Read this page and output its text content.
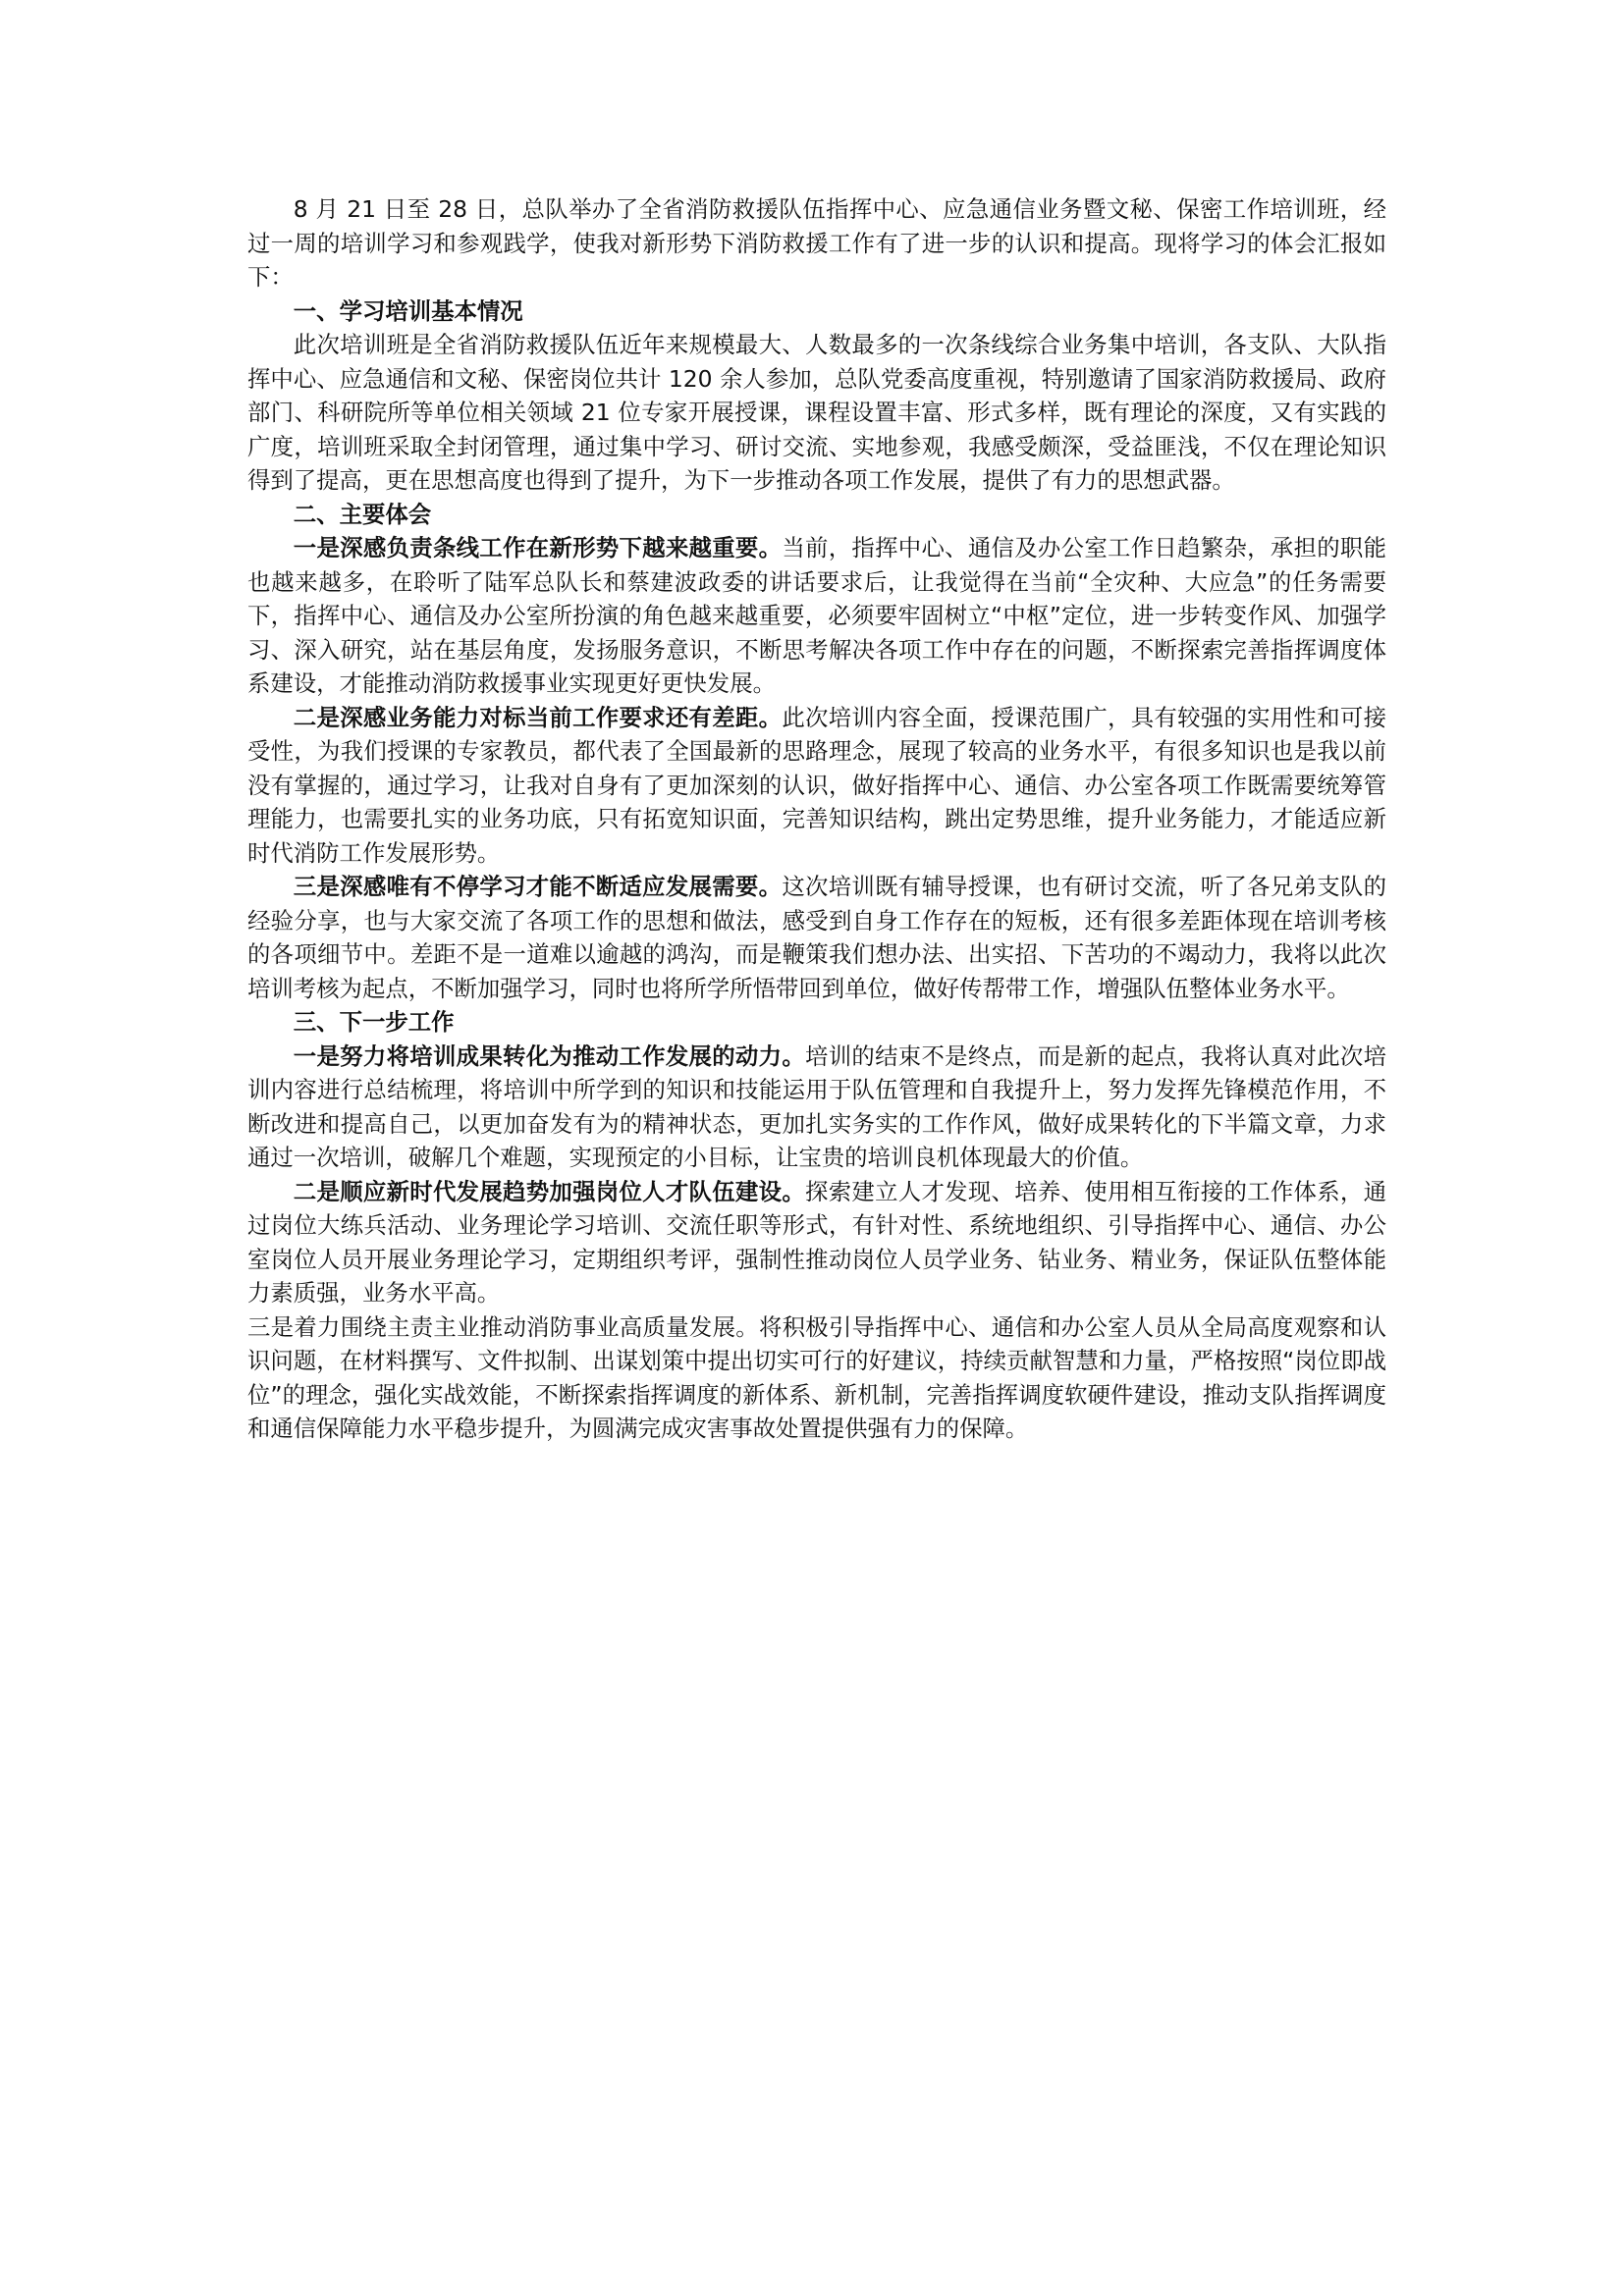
8 月 21 日至 28 日，总队举办了全省消防救援队伍指挥中心、应急通信业务暨文秘、保密工作培训班，经过一周的培训学习和参观践学，使我对新形势下消防救援工作有了进一步的认识和提高。现将学习的体会汇报如下：

一、学习培训基本情况

此次培训班是全省消防救援队伍近年来规模最大、人数最多的一次条线综合业务集中培训，各支队、大队指挥中心、应急通信和文秘、保密岗位共计 120 余人参加，总队党委高度重视，特别邀请了国家消防救援局、政府部门、科研院所等单位相关领域 21 位专家开展授课，课程设置丰富、形式多样，既有理论的深度，又有实践的广度，培训班采取全封闭管理，通过集中学习、研讨交流、实地参观，我感受颇深，受益匪浅，不仅在理论知识得到了提高，更在思想高度也得到了提升，为下一步推动各项工作发展，提供了有力的思想武器。

二、主要体会

一是深感负责条线工作在新形势下越来越重要。当前，指挥中心、通信及办公室工作日趋繁杂，承担的职能也越来越多，在聆听了陆军总队长和蔡建波政委的讲话要求后，让我觉得在当前“全灾种、大应急”的任务需要下，指挥中心、通信及办公室所扮演的角色越来越重要，必须要牢固树立“中枢”定位，进一步转变作风、加强学习、深入研究，站在基层角度，发扬服务意识，不断思考解决各项工作中存在的问题，不断探索完善指挥调度体系建设，才能推动消防救援事业实现更好更快发展。

二是深感业务能力对标当前工作要求还有差距。此次培训内容全面，授课范围广，具有较强的实用性和可接受性，为我们授课的专家教员，都代表了全国最新的思路理念，展现了较高的业务水平，有很多知识也是我以前没有掌握的，通过学习，让我对自身有了更加深刻的认识，做好指挥中心、通信、办公室各项工作既需要统筹管理能力，也需要扎实的业务功底，只有拓宽知识面，完善知识结构，跳出定势思维，提升业务能力，才能适应新时代消防工作发展形势。

三是深感唯有不停学习才能不断适应发展需要。这次培训既有辅导授课，也有研讨交流，听了各兄弟支队的经验分享，也与大家交流了各项工作的思想和做法，感受到自身工作存在的短板，还有很多差距体现在培训考核的各项细节中。差距不是一道难以逾越的鸿沟，而是鞭策我们想办法、出实招、下苦功的不竭动力，我将以此次培训考核为起点，不断加强学习，同时也将所学所悟带回到单位，做好传帮带工作，增强队伍整体业务水平。

三、下一步工作

一是努力将培训成果转化为推动工作发展的动力。培训的结束不是终点，而是新的起点，我将认真对此次培训内容进行总结梳理，将培训中所学到的知识和技能运用于队伍管理和自我提升上，努力发挥先锋模范作用，不断改进和提高自己，以更加奋发有为的精神状态，更加扎实务实的工作作风，做好成果转化的下半篇文章，力求通过一次培训，破解几个难题，实现预定的小目标，让宝贵的培训良机体现最大的价值。

二是顺应新时代发展趋势加强岗位人才队伍建设。探索建立人才发现、培养、使用相互衔接的工作体系，通过岗位大练兵活动、业务理论学习培训、交流任职等形式，有针对性、系统地组织、引导指挥中心、通信、办公室岗位人员开展业务理论学习，定期组织考评，强制性推动岗位人员学业务、钻业务、精业务，保证队伍整体能力素质强，业务水平高。

三是着力围绕主责主业推动消防事业高质量发展。将积极引导指挥中心、通信和办公室人员从全局高度观察和认识问题，在材料撰写、文件拟制、出谋划策中提出切实可行的好建议，持续贡献智慧和力量，严格按照“岗位即战位”的理念，强化实战效能，不断探索指挥调度的新体系、新机制，完善指挥调度软硬件建设，推动支队指挥调度和通信保障能力水平稳步提升，为圆满完成灾害事故处置提供强有力的保障。
